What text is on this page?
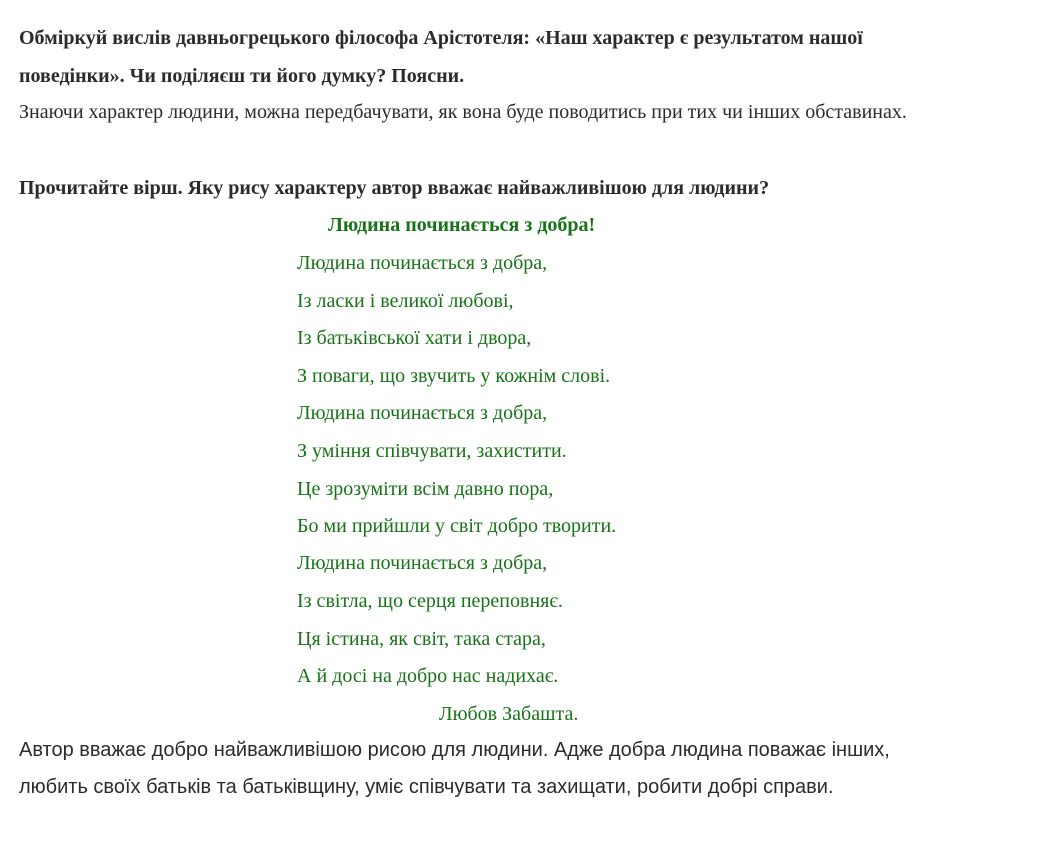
Обміркуй вислів давньогрецького філософа Арістотеля: «Наш характер є результатом нашої
поведінки». Чи поділяєш ти його думку? Поясни.
Знаючи характер людини, можна передбачувати, як вона буде поводитись при тих чи інших обставинах.
Прочитайте вірш. Яку рису характеру автор вважає найважливішою для людини?
Людина починається з добра!
Людина починається з добра,
Із ласки і великої любові,
Із батьківської хати і двора,
З поваги, що звучить у кожнім слові.
Людина починається з добра,
З уміння співчувати, захистити.
Це зрозуміти всім давно пора,
Бо ми прийшли у світ добро творити.
Людина починається з добра,
Із світла, що серця переповняє.
Ця істина, як світ, така стара,
А й досі на добро нас надихає.
Любов Забашта.
Автор вважає добро найважливішою рисою для людини. Адже добра людина поважає інших,
любить своїх батьків та батьківщину, уміє співчувати та захищати, робити добрі справи.
